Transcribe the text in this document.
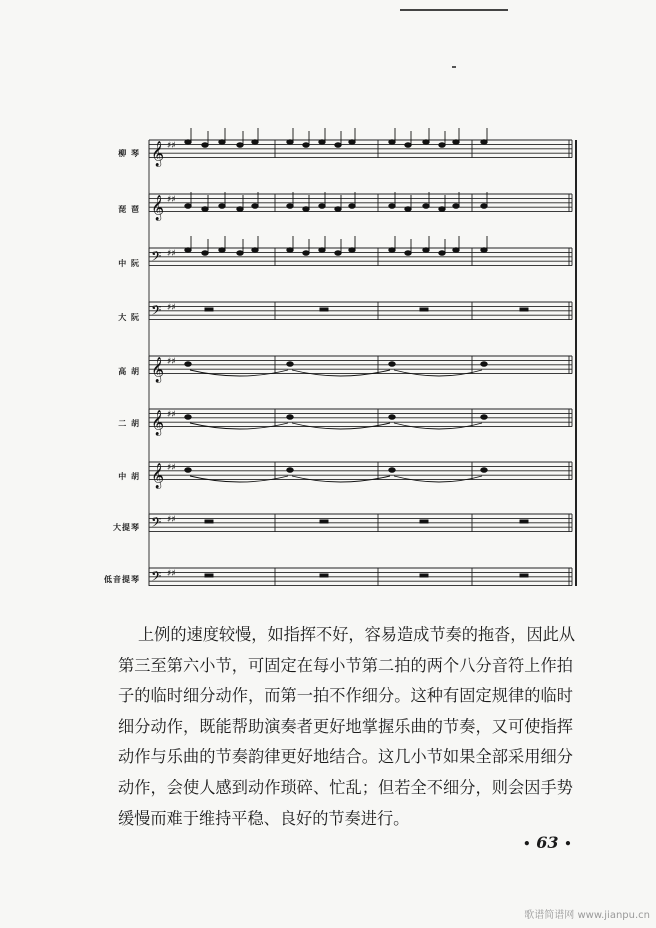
𝄞 ♯♯
𝄞 ♯♯
𝄢 ♯♯
𝄢 ♯♯
𝄞 ♯♯
𝄞 ♯♯
𝄞 ♯♯
𝄢 ♯♯
𝄢 ♯♯
柳 琴
琵 琶
中 阮
大 阮
高 胡
二 胡
中 胡
大提琴
低音提琴

上例的速度较慢，如指挥不好，容易造成节奏的拖沓，因此从
第三至第六小节，可固定在每小节第二拍的两个八分音符上作拍
子的临时细分动作，而第一拍不作细分。这种有固定规律的临时
细分动作，既能帮助演奏者更好地掌握乐曲的节奏，又可使指挥
动作与乐曲的节奏韵律更好地结合。这几小节如果全部采用细分
动作，会使人感到动作琐碎、忙乱；但若全不细分，则会因手势
缓慢而难于维持平稳、良好的节奏进行。

• 63 •
歌谱简谱网 www.jianpu.cn
